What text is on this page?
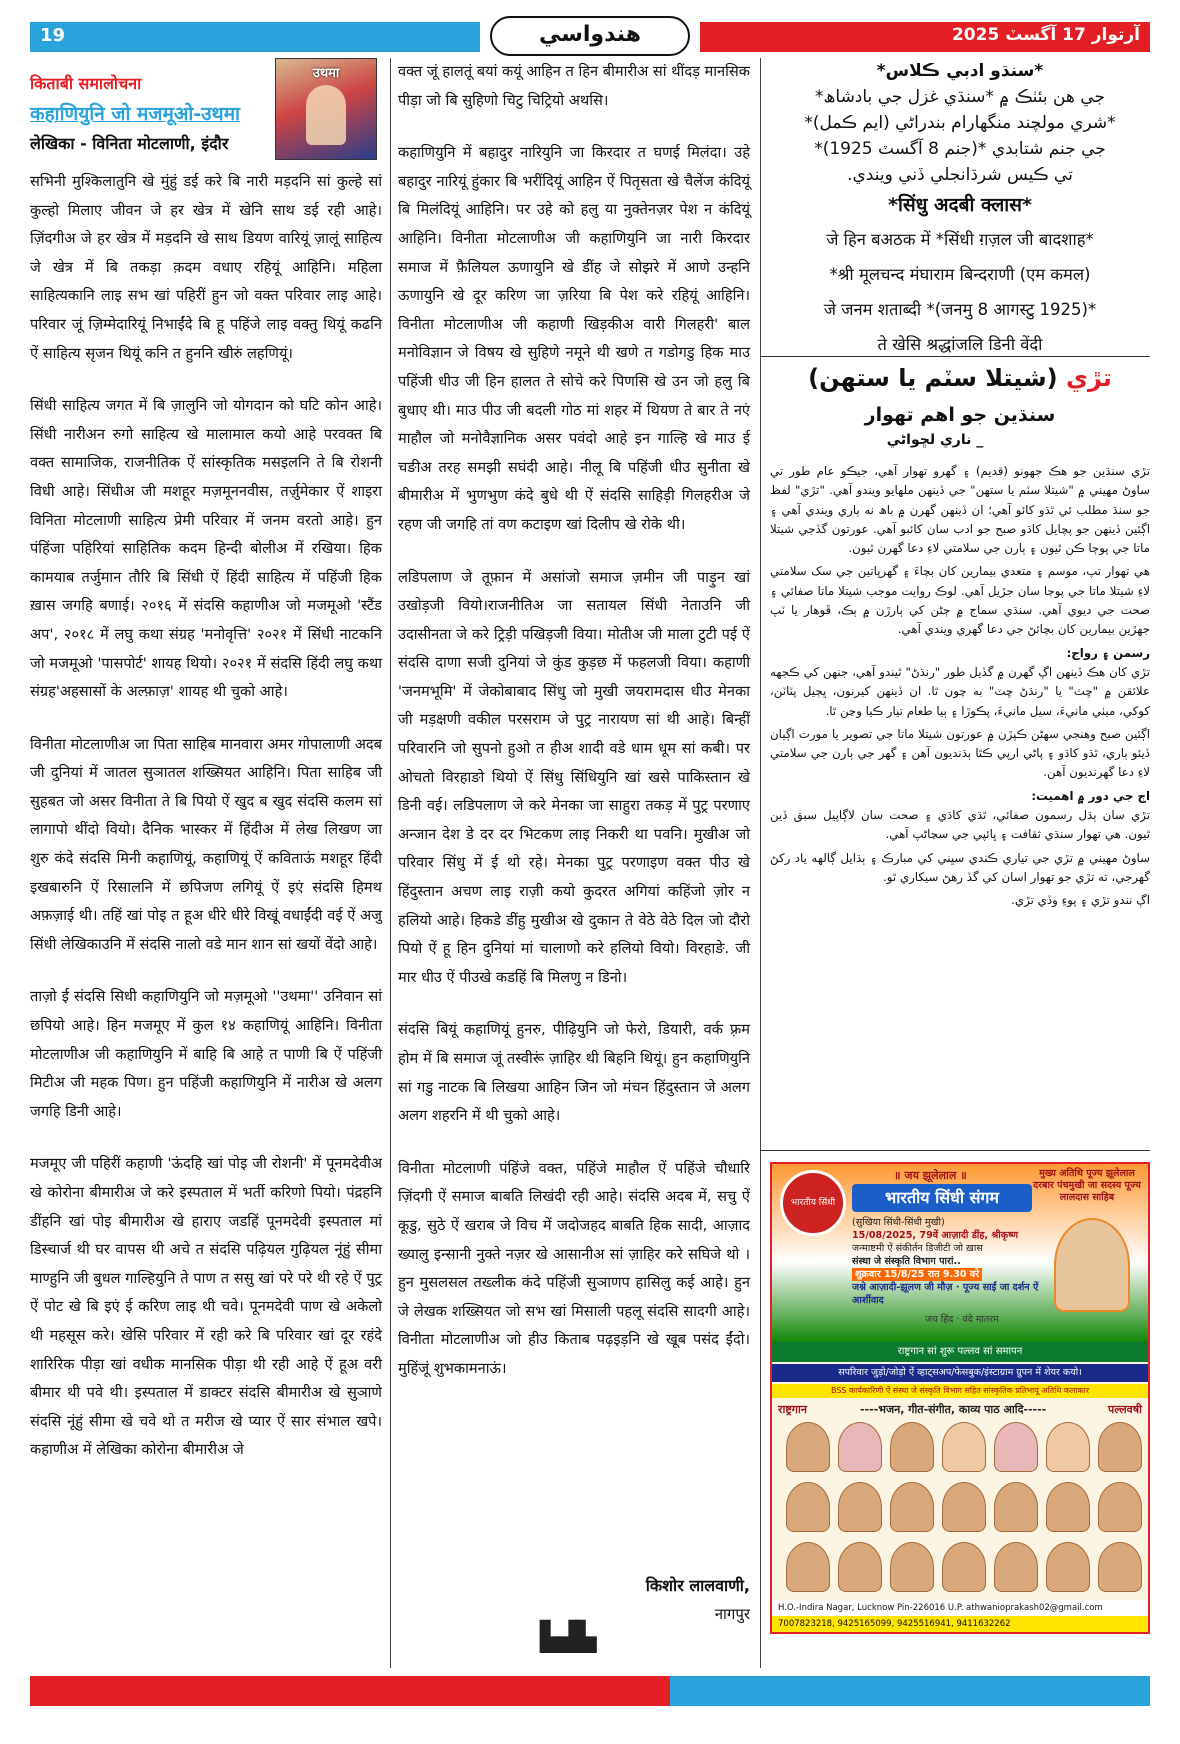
19	هندواسي	آرتوار 17 آگسٽ 2025
किताबी समालोचना
कहाणियुनि जो मजमूओ-उथमा
लेखिका - विनिता मोटलाणी, इंदौर
उथमा

सभिनी मुश्किलातुनि खे मुंहुं डई करे बि नारी मड़दनि सां कुल्हे सां कुल्हो मिलाए जीवन जे हर खेत्र में खेनि साथ डई रही आहे। ज़िंदगीअ जे हर खेत्र में मड़दनि खे साथ डियण वारियूं ज़ालूं साहित्य जे खेत्र में बि तकड़ा क़दम वधाए रहियूं आहिनि। महिला साहित्यकानि लाइ सभ खां पहिरीं हुन जो वक्त परिवार लाइ आहे। परिवार जूं ज़िम्मेदारियूं निभाईंदे बि हू पहिंजे लाइ वक्तु थियूं कढनि ऐं साहित्य सृजन थियूं कनि त हुननि खीरुं लहणियूं।

सिंधी साहित्य जगत में बि ज़ालुनि जो योगदान को घटि कोन आहे। सिंधी नारीअन रुगो साहित्य खे मालामाल कयो आहे परवक्त बि वक्त सामाजिक, राजनीतिक ऐं सांस्कृतिक मसइलनि ते बि रोशनी विधी आहे। सिंधीअ जी मशहूर मज़मूननवीस, तर्ज़ुमेकार ऐं शाइरा विनिता मोटलाणी साहित्य प्रेमी परिवार में जनम वरतो आहे। हुन पंहिंजा पहिरियां साहितिक कदम हिन्दी बोलीअ में रखिया। हिक कामयाब तर्जुमान तौरि बि सिंधी ऐं हिंदी साहित्य में पहिंजी हिक ख़ास जगहि बणाई। २०१६ में संदसि कहाणीअ जो मजमूओ 'स्टैंड अप', २०१८ में लघु कथा संग्रह 'मनोवृत्ति' २०२१ में सिंधी नाटकनि जो मजमूओ 'पासपोर्ट' शायह थियो। २०२१ में संदसि हिंदी लघु कथा संग्रह'अहसासों के अल्फ़ाज़' शायह थी चुको आहे।

विनीता मोटलाणीअ जा पिता साहिब मानवारा अमर गोपालाणी अदब जी दुनियां में जातल सुञातल शख्सियत आहिनि। पिता साहिब जी सुहबत जो असर विनीता ते बि पियो ऐं खुद ब खुद संदसि कलम सां लागापो थींदो वियो। दैनिक भास्कर में हिंदीअ में लेख लिखण जा शुरु कंदे संदसि मिनी कहाणियूं, कहाणियूं ऐं कविताऊं मशहूर हिंदी इखबारुनि ऐं रिसालनि में छपिजण लगियूं ऐं इएं संदसि हिमथ अफ़ज़ाई थी। तहिं खां पोइ त हूअ धीरे धीरे विखूं वधाईंदी वई ऐं अजु सिंधी लेखिकाउनि में संदसि नालो वडे मान शान सां खयों वेंदो आहे।

ताज़ो ई संदसि सिधी कहाणियुनि जो मज़मूओ ''उथमा'' उनिवान सां छपियो आहे। हिन मजमूए में कुल १४ कहाणियूं आहिनि। विनीता मोटलाणीअ जी कहाणियुनि में बाहि बि आहे त पाणी बि ऐं पहिंजी मिटीअ जी महक पिण। हुन पहिंजी कहाणियुनि में नारीअ खे अलग जगहि डिनी आहे।

मजमूए जी पहिरीं कहाणी 'ऊंदहि खां पोइ जी रोशनी' में पूनमदेवीअ खे कोरोना बीमारीअ जे करे इस्पताल में भर्ती करिणो पियो। पंद्रहनि डींहनि खां पोइ बीमारीअ खे हाराए जडहिं पूनमदेवी इस्पताल मां डिस्चार्ज थी घर वापस थी अचे त संदसि पढ़ियल गुढ़ियल नूंहुं सीमा माण्हुनि जी बुधल गाल्हियुनि ते पाण त ससु खां परे परे थी रहे ऐं पुट्र ऐं पोट खे बि इएं ई करिण लाइ थी चवे। पूनमदेवी पाण खे अकेलो थी महसूस करे। खेसि परिवार में रही करे बि परिवार खां दूर रहंदे शारिरिक पीड़ा खां वधीक मानसिक पीड़ा थी रही आहे ऐं हूअ वरी बीमार थी पवे थी। इस्पताल में डाक्टर संदसि बीमारीअ खे सुञाणे संदसि नूंहुं सीमा खे चवे थो त मरीज खे प्यार ऐं सार संभाल खपे। कहाणीअ में लेखिका कोरोना बीमारीअ जे

वक्त जूं हालतूं बयां कयूं आहिन त हिन बीमारीअ सां थींदड़ मानसिक पीड़ा जो बि सुहिणो चिटु चिट्रियो अथसि।

कहाणियुनि में बहादुर नारियुनि जा किरदार त घणई मिलंदा। उहे बहादुर नारियूं हुंकार बि भरींदियूं आहिन ऐं पितृसता खे चैलेंज कंदियूं बि मिलंदियूं आहिनि। पर उहे को हलु या नुक्तेनज़र पेश न कंदियूं आहिनि। विनीता मोटलाणीअ जी कहाणियुनि जा नारी किरदार समाज में फ़ैलियल ऊणायुनि खे डींह जे सोझरे में आणे उन्हनि ऊणायुनि खे दूर करिण जा ज़रिया बि पेश करे रहियूं आहिनि। विनीता मोटलाणीअ जी कहाणी खिड़कीअ वारी गिलहरी' बाल मनोविज्ञान जे विषय खे सुहिणे नमूने थी खणे त गडोगडु हिक माउ पहिंजी धीउ जी हिन हालत ते सोचे करे पिणसि खे उन जो हलु बि बुधाए थी। माउ पीउ जी बदली गोठ मां शहर में थियण ते बार ते नएं माहौल जो मनोवैज्ञानिक असर पवंदो आहे इन गाल्हि खे माउ ई चङीअ तरह समझी सघंदी आहे। नीलू बि पहिंजी धीउ सुनीता खे बीमारीअ में भुणभुण कंदे बुधे थी ऐं संदसि साहिड़ी गिलहरीअ जे रहण जी जगहि तां वण कटाइण खां दिलीप खे रोके थी।

लडिपलाण जे तूफ़ान में असांजो समाज ज़मीन जी पाड़ुन खां उखोड़जी वियो।राजनीतिअ जा सतायल सिंधी नेताउनि जी उदासीनता जे करे ट्रिड़ी पखिड़जी विया। मोतीअ जी माला टुटी पई ऐं संदसि दाणा सजी दुनियां जे कुंड कुड़छ में फहलजी विया। कहाणी 'जनमभूमि' में जेकोबाबाद सिंधु जो मुखी जयरामदास धीउ मेनका जी मड़क्षणी वकील परसराम जे पुट्र नारायण सां थी आहे। बिन्हीं परिवारनि जो सुपनो हुओ त हीअ शादी वडे धाम धूम सां कबी। पर ओचतो विरहाङो थियो ऐं सिंधु सिंधियुनि खां खसे पाकिस्तान खे डिनी वई। लडिपलाण जे करे मेनका जा साहुरा तकड़ में पुट्र परणाए अन्जान देश डे दर दर भिटकण लाइ निकरी था पवनि। मुखीअ जो परिवार सिंधु में ई थो रहे। मेनका पुट्र परणाइण वक्त पीउ खे हिंदुस्तान अचण लाइ राज़ी कयो कुदरत अगियां कहिंजो ज़ोर न हलियो आहे। हिकडे डींहु मुखीअ खे दुकान ते वेठे वेठे दिल जो दौरो पियो ऐं हू हिन दुनियां मां चालाणो करे हलियो वियो। विरहाङे. जी मार धीउ ऐं पीउखे कडहिं बि मिलणु न डिनो।

संदसि बियूं कहाणियूं हुनरु, पीढ़ियुनि जो फेरो, डियारी, वर्क फ़्रम होम में बि समाज जूं तस्वीरूं ज़ाहिर थी बिहनि थियूं। हुन कहाणियुनि सां गडु नाटक बि लिखया आहिन जिन जो मंचन हिंदुस्तान जे अलग अलग शहरनि में थी चुको आहे।

विनीता मोटलाणी पंहिंजे वक्त, पहिंजे माहौल ऐं पहिंजे चौधारि ज़िंदगी ऐं समाज बाबति लिखंदी रही आहे। संदसि अदब में, सचु ऐं कूडु, सुठे ऐं खराब जे विच में जदोजहद बाबति हिक सादी, आज़ाद ख्यालु इन्सानी नुक्ते नज़र खे आसानीअ सां ज़ाहिर करे सघिजे थो । हुन मुसलसल तख्लीक कंदे पहिंजी सुञाणप हासिलु कई आहे। हुन जे लेखक शख्सियत जो सभ खां मिसाली पहलू संदसि सादगी आहे। विनीता मोटलाणीअ जो हीउ किताब पढ़इड़नि खे खूब पसंद ईंदो। मुहिंजूं शुभकामनाऊं।

किशोर लालवाणी,
नागपुर
▙▟▙
*سنڌو ادبي ڪلاس*
جي هن بئٺڪ ۾ *سنڌي غزل جي بادشاھ*
*شري مولچند منگھارام بندراڻي (ايم ڪمل)*
جي جنم شتابدي *(جنم 8 آگسٽ 1925)*
تي ڪيس شرڌانجلي ڏني ويندي.
*सिंधु अदबी क्लास*
जे हिन बअठक में *सिंधी ग़ज़ल जी बादशाह*
*श्री मूलचन्द मंघाराम बिन्दराणी (एम कमल)
जे जनम शताब्दी *(जनमु 8 आगस्टु 1925)*
ते खेसि श्रद्धांजलि डिनी वेंदी
تڙي (شيتلا سٽم يا ستهن)
سنڌين جو اهم تهوار
_ ناري لڇواڻي

تڙي سنڌين جو هڪ جهونو (قديم) ۽ گهرو تهوار آهي، جيڪو عام طور تي ساوڻ مهيني ۾ "شيتلا سٽم يا ستهن" جي ڏينهن ملهايو ويندو آهي. "تڙي" لفظ جو سنڌ مطلب ئي ٿڌو کائو آهي؛ ان ڏينهن گهرن ۾ باھ نه ٻاري ويندي آهي ۽ اڳئين ڏينهن جو پچايل کاڌو صبح جو ادب سان کائبو آهي. عورتون گڏجي شيتلا ماتا جي پوڄا ڪن ٿيون ۽ ٻارن جي سلامتي لاءِ دعا گهرن ٿيون.

هي تهوار تپ، موسم ۽ متعدي بيمارين کان بچاءَ ۽ گهرڀاتين جي سک سلامتي لاءِ شيتلا ماتا جي پوڄا سان جڙيل آهي. لوڪ روايت موجب شيتلا ماتا صفائي ۽ صحت جي ديوي آهي. سنڌي سماج ۾ ڄڻن کي ٻارڙن ۾ ٻڪ، ڦوهار يا ٽپ جهڙين بيمارين کان بچائڻ جي دعا گهري ويندي آهي.

رسمن ۽ رواج:

تڙي کان هڪ ڏينهن اڳ گهرن ۾ گڏيل طور "رنڌڻ" ٿيندو آهي، جنهن کي ڪجهه علائقن ۾ "ڇٽ" يا "رنڌڻ ڇٽ" به چون ٿا. ان ڏينهن کيرنون، ڀڄيل پٽاٽن، کوکي، ميٺي مانيءَ، سيل مانيءَ، پڪوڙا ۽ ٻيا طعام تيار ڪيا وڃن ٿا.

اڳئين صبح وهنجي سهڻن ڪپڙن ۾ عورتون شيتلا ماتا جي تصوير يا مورت اڳيان ڏيئو ٻاري، ٿڌو کاڌو ۽ پاڻي ارپي ڪٿا ٻڌنديون آهن ۽ گهر جي ٻارن جي سلامتي لاءِ دعا گهرنديون آهن.

اڄ جي دور ۾ اهميت:

تڙي سان ٻڌل رسمون صفائي، ٿڌي کاڌي ۽ صحت سان لاڳاپيل سبق ڏين ٿيون. هي تهوار سنڌي ثقافت ۽ ڀائپي جي سڃاڻپ آهي.

ساوڻ مهيني ۾ تڙي جي تياري ڪندي سڀني کي مبارڪ ۽ ٻڌايل ڳالهه ياد رکڻ گهرجي، ته تڙي جو تهوار اسان کي گڏ رهڻ سيکاري ٿو.

اڳ نندو تڙي ۽ پوءِ وڏي تڙي.

भारतीय सिंधी संगम
॥ जय झूलेलाल ॥
भारतीय सिंधी संगम
(सुखिया सिंधी-सिंधी मुखी)
15/08/2025, 79वें आज़ादी डींह, श्रीकृष्ण
जन्माष्टमी ऐं संकीर्तन डिजीटी जो ख़ास
संस्था जे संस्कृति विभाग पारां..
शुक्रवार 15/8/25 रात 9.30 वरे
जश्ने आज़ादी-झूलण जी मौज़ · पूज्य साईं जा दर्शन ऐं आर्शीवाद
मुख्य अतिथि पूज्य झूलेलाल दरबार पंचमुखी जा सदस्य पूज्य लालदास साहिब
जय हिंद · वंदे मातरम
राष्ट्रगान सां शुरू पल्लव सां समापन
सपरिवार जुड़ो/जोड़ो ऐं व्हाट्सअप/फेसबुक/इंस्टाग्राम ग्रुपन में शेयर कयो।
BSS कार्यकारिणी ऐं संस्था जे संस्कृति विभाग सहित सांस्कृतिक प्रतिभायूं अतिथि कलाकार
राष्ट्रगान	----भजन, गीत-संगीत, काव्य पाठ आदि-----	पल्लवषी
H.O.-Indira Nagar, Lucknow Pin-226016 U.P. athwanioprakash02@gmail.com
7007823218, 9425165099, 9425516941, 9411632262
